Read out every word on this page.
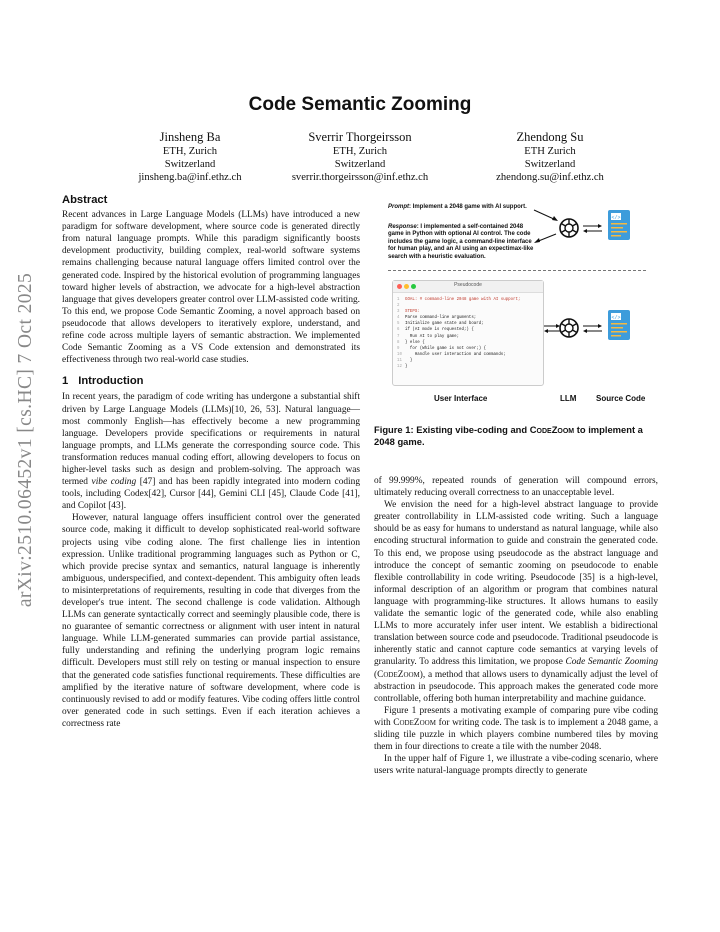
arXiv:2510.06452v1 [cs.HC] 7 Oct 2025
Code Semantic Zooming
Jinsheng Ba
ETH, Zurich
Switzerland
jinsheng.ba@inf.ethz.ch
Sverrir Thorgeirsson
ETH, Zurich
Switzerland
sverrir.thorgeirsson@inf.ethz.ch
Zhendong Su
ETH Zurich
Switzerland
zhendong.su@inf.ethz.ch
Abstract

Recent advances in Large Language Models (LLMs) have introduced a new paradigm for software development, where source code is generated directly from natural language prompts. While this paradigm significantly boosts development productivity, building complex, real-world software systems remains challenging because natural language offers limited control over the generated code. Inspired by the historical evolution of programming languages toward higher levels of abstraction, we advocate for a high-level abstraction language that gives developers greater control over LLM-assisted code writing. To this end, we propose Code Semantic Zooming, a novel approach based on pseudocode that allows developers to iteratively explore, understand, and refine code across multiple layers of semantic abstraction. We implemented Code Semantic Zooming as a VS Code extension and demonstrated its effectiveness through two real-world case studies.

1 Introduction

In recent years, the paradigm of code writing has undergone a substantial shift driven by Large Language Models (LLMs)[10, 26, 53]. Natural language—most commonly English—has effectively become a new programming language. Developers provide specifications or requirements in natural language prompts, and LLMs generate the corresponding source code. This transformation reduces manual coding effort, allowing developers to focus on higher-level tasks such as design and problem-solving. The approach was termed vibe coding [47] and has been rapidly integrated into modern coding tools, including Codex[42], Cursor [44], Gemini CLI [45], Claude Code [41], and Copilot [43].

However, natural language offers insufficient control over the generated source code, making it difficult to develop sophisticated real-world software projects using vibe coding alone. The first challenge lies in intention expression. Unlike traditional programming languages such as Python or C, which provide precise syntax and semantics, natural language is inherently ambiguous, underspecified, and context-dependent. This ambiguity often leads to misinterpretations of requirements, resulting in code that diverges from the developer's true intent. The second challenge is code validation. Although LLMs can generate syntactically correct and seemingly plausible code, there is no guarantee of semantic correctness or alignment with user intent in natural language. While LLM-generated summaries can provide partial assistance, fully understanding and refining the underlying program logic remains difficult. Developers must still rely on testing or manual inspection to ensure that the generated code satisfies functional requirements. These difficulties are amplified by the iterative nature of software development, where code is continuously revised to add or modify features. Vibe coding offers little control over generated code in such settings. Even if each iteration achieves a correctness rate

Prompt: Implement a 2048 game with AI support.
Response: I implemented a self-contained 2048 game in Python with optional AI control. The code includes the game logic, a command-line interface for human play, and an AI using an expectimax-like search with a heuristic evaluation.
</>
</>
Pseudocode
1 GOAL: # command-line 2048 game with AI support;
2
3 STEPS:
4 Parse command-line arguments;
5 Initialize game state and board;
6 if (AI mode is requested;) {
7  Run AI to play game;
8 } else {
9  for (While game is not over;) {
10    Handle user interaction and commands;
11  }
12 }
User Interface	LLM Source Code
Figure 1: Existing vibe-coding and CodeZoom to implement a 2048 game.

of 99.999%, repeated rounds of generation will compound errors, ultimately reducing overall correctness to an unacceptable level.

We envision the need for a high-level abstract language to provide greater controllability in LLM-assisted code writing. Such a language should be as easy for humans to understand as natural language, while also encoding structural information to guide and constrain the generated code. To this end, we propose using pseudocode as the abstract language and introduce the concept of semantic zooming on pseudocode to enable flexible controllability in code writing. Pseudocode [35] is a high-level, informal description of an algorithm or program that combines natural language with programming-like structures. It allows humans to easily validate the semantic logic of the generated code, while also enabling LLMs to more accurately infer user intent. We establish a bidirectional translation between source code and pseudocode. Traditional pseudocode is inherently static and cannot capture code semantics at varying levels of granularity. To address this limitation, we propose Code Semantic Zooming (CodeZoom), a method that allows users to dynamically adjust the level of abstraction in pseudocode. This approach makes the generated code more controllable, offering both human interpretability and machine guidance.

Figure 1 presents a motivating example of comparing pure vibe coding with CodeZoom for writing code. The task is to implement a 2048 game, a sliding tile puzzle in which players combine numbered tiles by moving them in four directions to create a tile with the number 2048.

In the upper half of Figure 1, we illustrate a vibe-coding scenario, where users write natural-language prompts directly to generate
